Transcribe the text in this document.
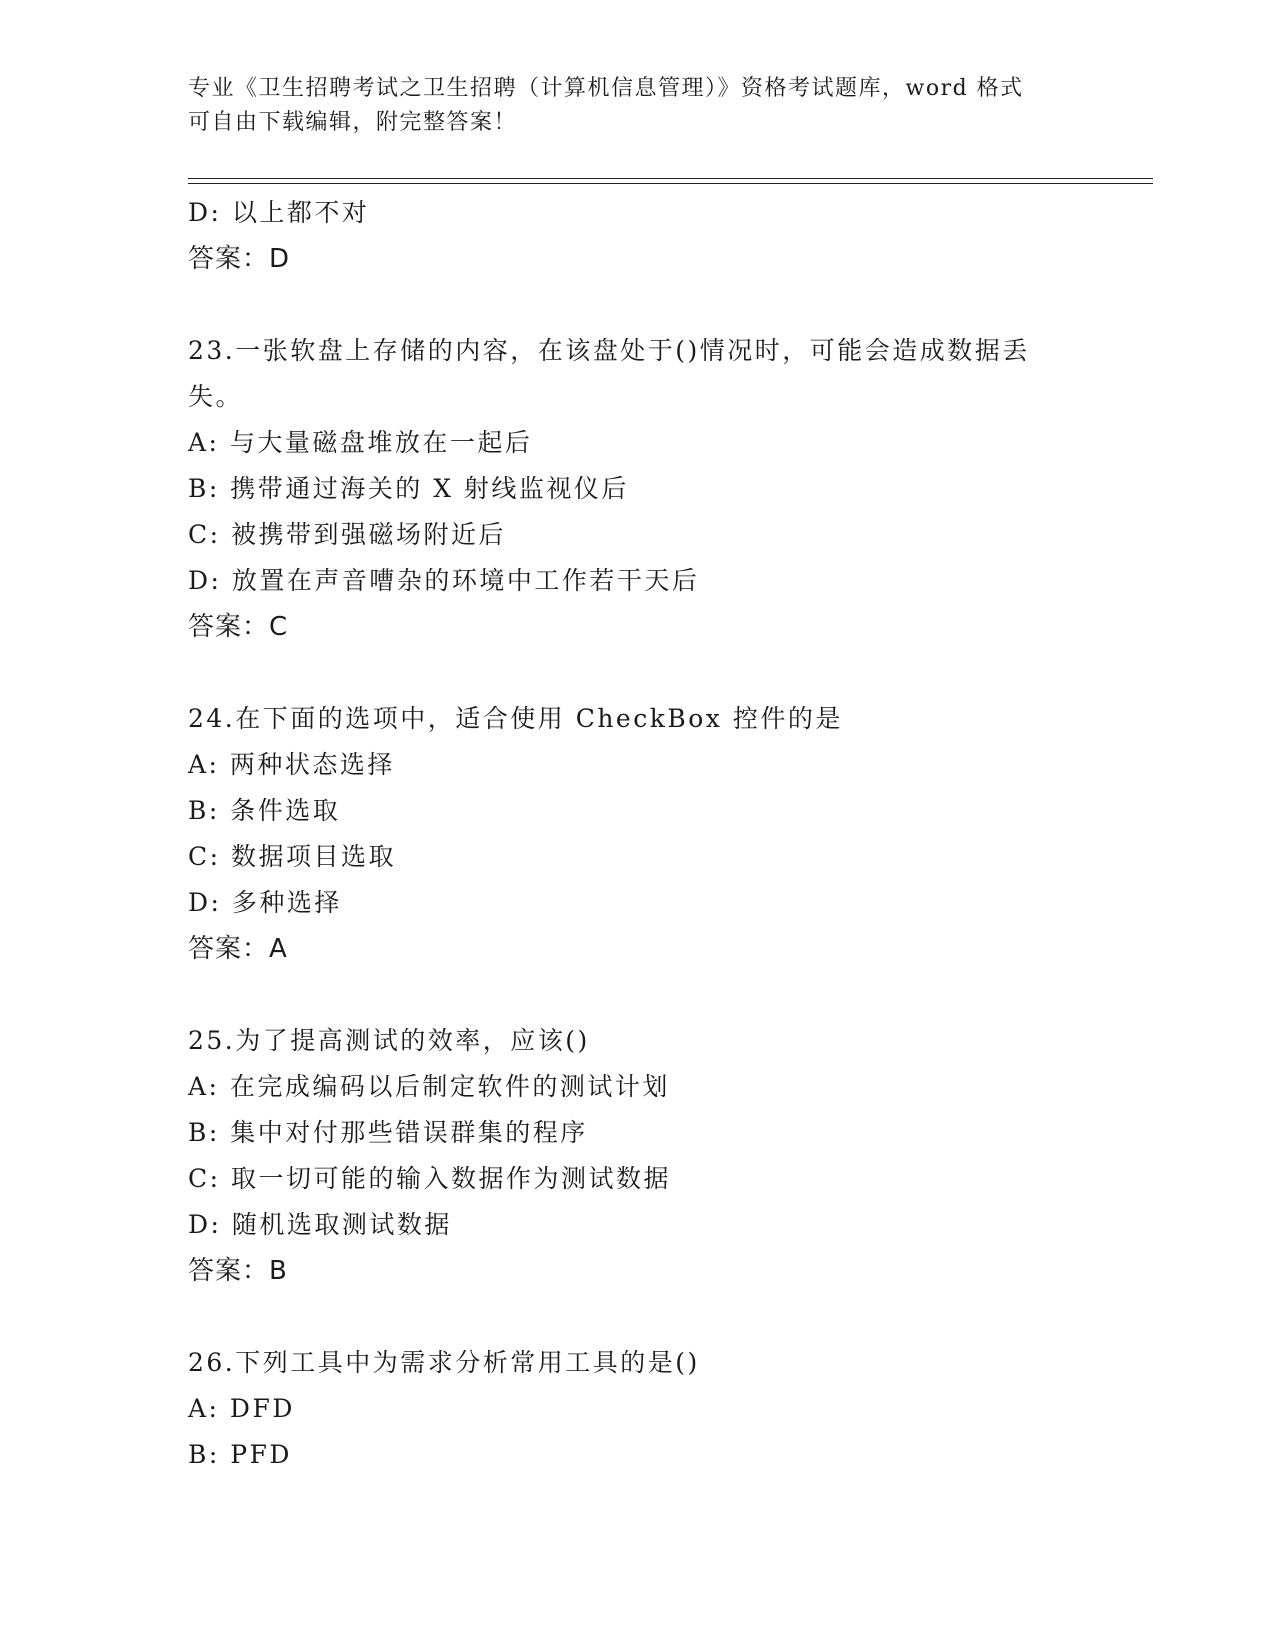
专业《卫生招聘考试之卫生招聘（计算机信息管理）》资格考试题库，word 格式
可自由下载编辑，附完整答案！
D: 以上都不对
答案：D
23.一张软盘上存储的内容，在该盘处于()情况时，可能会造成数据丢
失。
A: 与大量磁盘堆放在一起后
B: 携带通过海关的 X 射线监视仪后
C: 被携带到强磁场附近后
D: 放置在声音嘈杂的环境中工作若干天后
答案：C
24.在下面的选项中，适合使用 CheckBox 控件的是
A: 两种状态选择
B: 条件选取
C: 数据项目选取
D: 多种选择
答案：A
25.为了提高测试的效率，应该()
A: 在完成编码以后制定软件的测试计划
B: 集中对付那些错误群集的程序
C: 取一切可能的输入数据作为测试数据
D: 随机选取测试数据
答案：B
26.下列工具中为需求分析常用工具的是()
A: DFD
B: PFD
